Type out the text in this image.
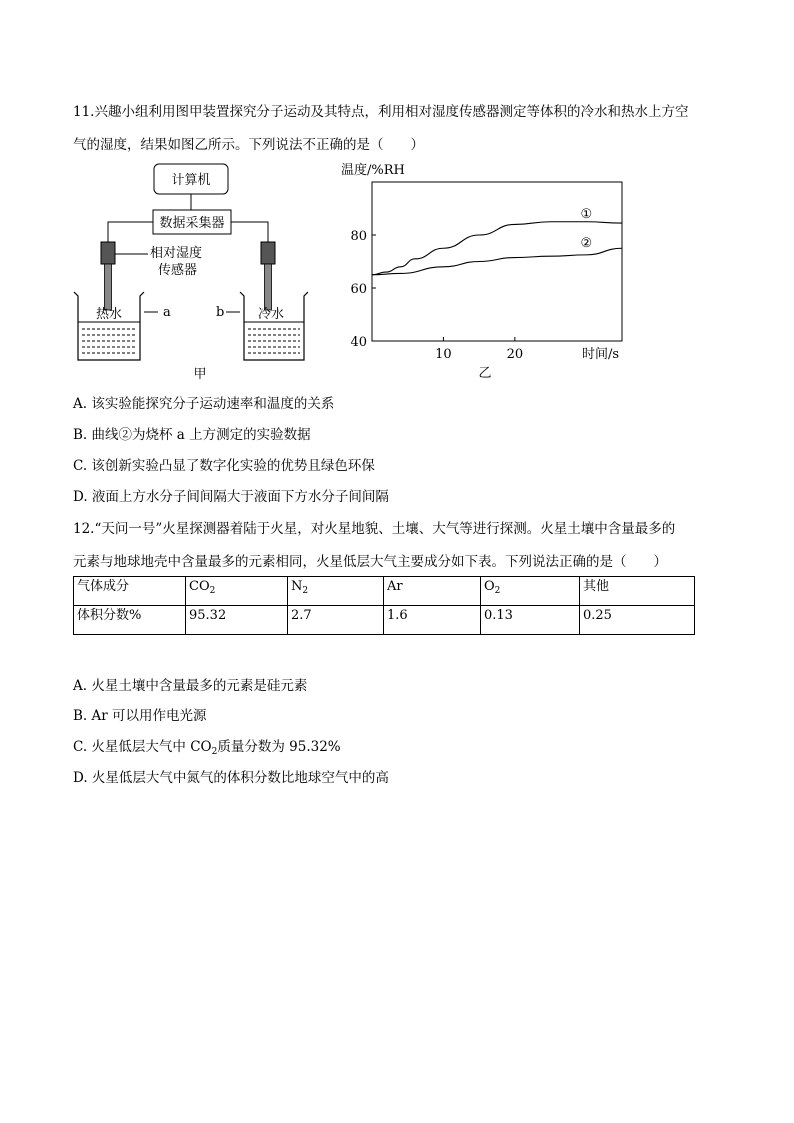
11.兴趣小组利用图甲装置探究分子运动及其特点，利用相对湿度传感器测定等体积的冷水和热水上方空
气的湿度，结果如图乙所示。下列说法不正确的是（　　）
计算机
数据采集器
相对湿度
传感器
热水	a	冷水
b
甲
温度/%RH
40
60
80
10	20
①
②
时间/s
乙
A. 该实验能探究分子运动速率和温度的关系
B. 曲线②为烧杯 a 上方测定的实验数据
C. 该创新实验凸显了数字化实验的优势且绿色环保
D. 液面上方水分子间间隔大于液面下方水分子间间隔
12.“天问一号”火星探测器着陆于火星，对火星地貌、土壤、大气等进行探测。火星土壤中含量最多的
元素与地球地壳中含量最多的元素相同，火星低层大气主要成分如下表。下列说法正确的是（　　）
气体成分	$CO_2$	$N_2$	Ar	$O_2$	其他
体积分数%	95.32	2.7	1.6	0.13	0.25
A. 火星土壤中含量最多的元素是硅元素
B. Ar 可以用作电光源
C. 火星低层大气中 $CO_2$质量分数为 95.32%
D. 火星低层大气中氮气的体积分数比地球空气中的高
